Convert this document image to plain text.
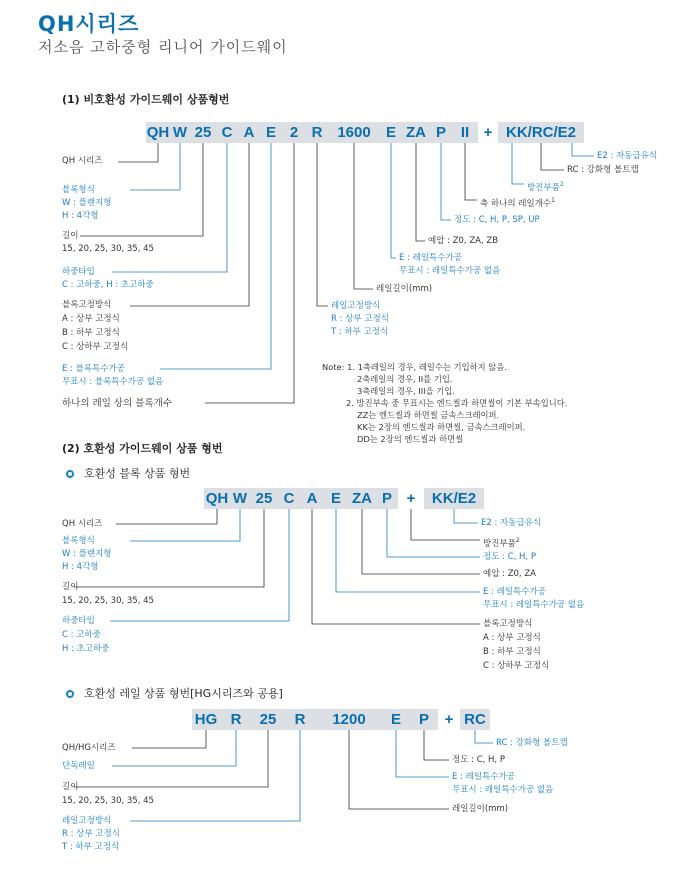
QH시리즈
저소음 고하중형 리니어 가이드웨이
(1) 비호환성 가이드웨이 상품형번
QH W 25 C A E 2 R 1600	E ZA P II + KK/RC/E2
QH 시리즈
블록형식
W : 플랜지형
H : 4각형
길이
15, 20, 25, 30, 35, 45
하중타입
C : 고하중, H : 초고하중
블록고정방식
A : 상부 고정식
B : 하부 고정식
C : 상하부 고정식
E : 블록특수가공
무표시 : 블록특수가공 없음
하나의 레일 상의 블록개수
E2 : 자동급유식
RC : 강화형 볼트캡
방진부품$^2$
축 하나의 레일개수$^1$
정도 : C, H, P, SP, UP
예압 : Z0, ZA, ZB
E : 레일특수가공
무표시 : 레일특수가공 없음
레일길이(mm)
레일고정방식
R : 상부 고정식
T : 하부 고정식
Note: 1. 1축레일의 경우, 레일수는 기입하지 않음.
2축레일의 경우, II를 기입.
3축레일의 경우, III을 기입.
2. 방진부속 중 무표시는 엔드씰과 하면씰이 기본 부속입니다.
ZZ는 엔드씰과 하면씰 금속스크레이퍼.
KK는 2장의 엔드씰과 하면씰, 금속스크레이퍼.
DD는 2장의 엔드씰과 하면씰
(2) 호환성 가이드웨이 상품 형번
호환성 블록 상품 형번
QH W 25 C A E ZA P +	KK/E2
QH 시리즈
블록형식
W : 플랜지형
H : 4각형
길이
15, 20, 25, 30, 35, 45
하중타입
C : 고하중
H : 초고하중
E2 : 자동급유식
방진부품$^2$
정도 : C, H, P
예압 : Z0, ZA
E : 레일특수가공
무표시 : 레일특수가공 없음
블록고정방식
A : 상부 고정식
B : 하부 고정식
C : 상하부 고정식
호환성 레일 상품 형번[HG시리즈와 공용]
HG R	25	R	1200	E	P	+ RC
QH/HG시리즈
단독레일
길이
15, 20, 25, 30, 35, 45
레일고정방식
R : 상부 고정식
T : 하부 고정식
RC : 강화형 볼트캡
정도 : C, H, P
E : 레일특수가공
무표시 : 레일특수가공 없음
레일길이(mm)
